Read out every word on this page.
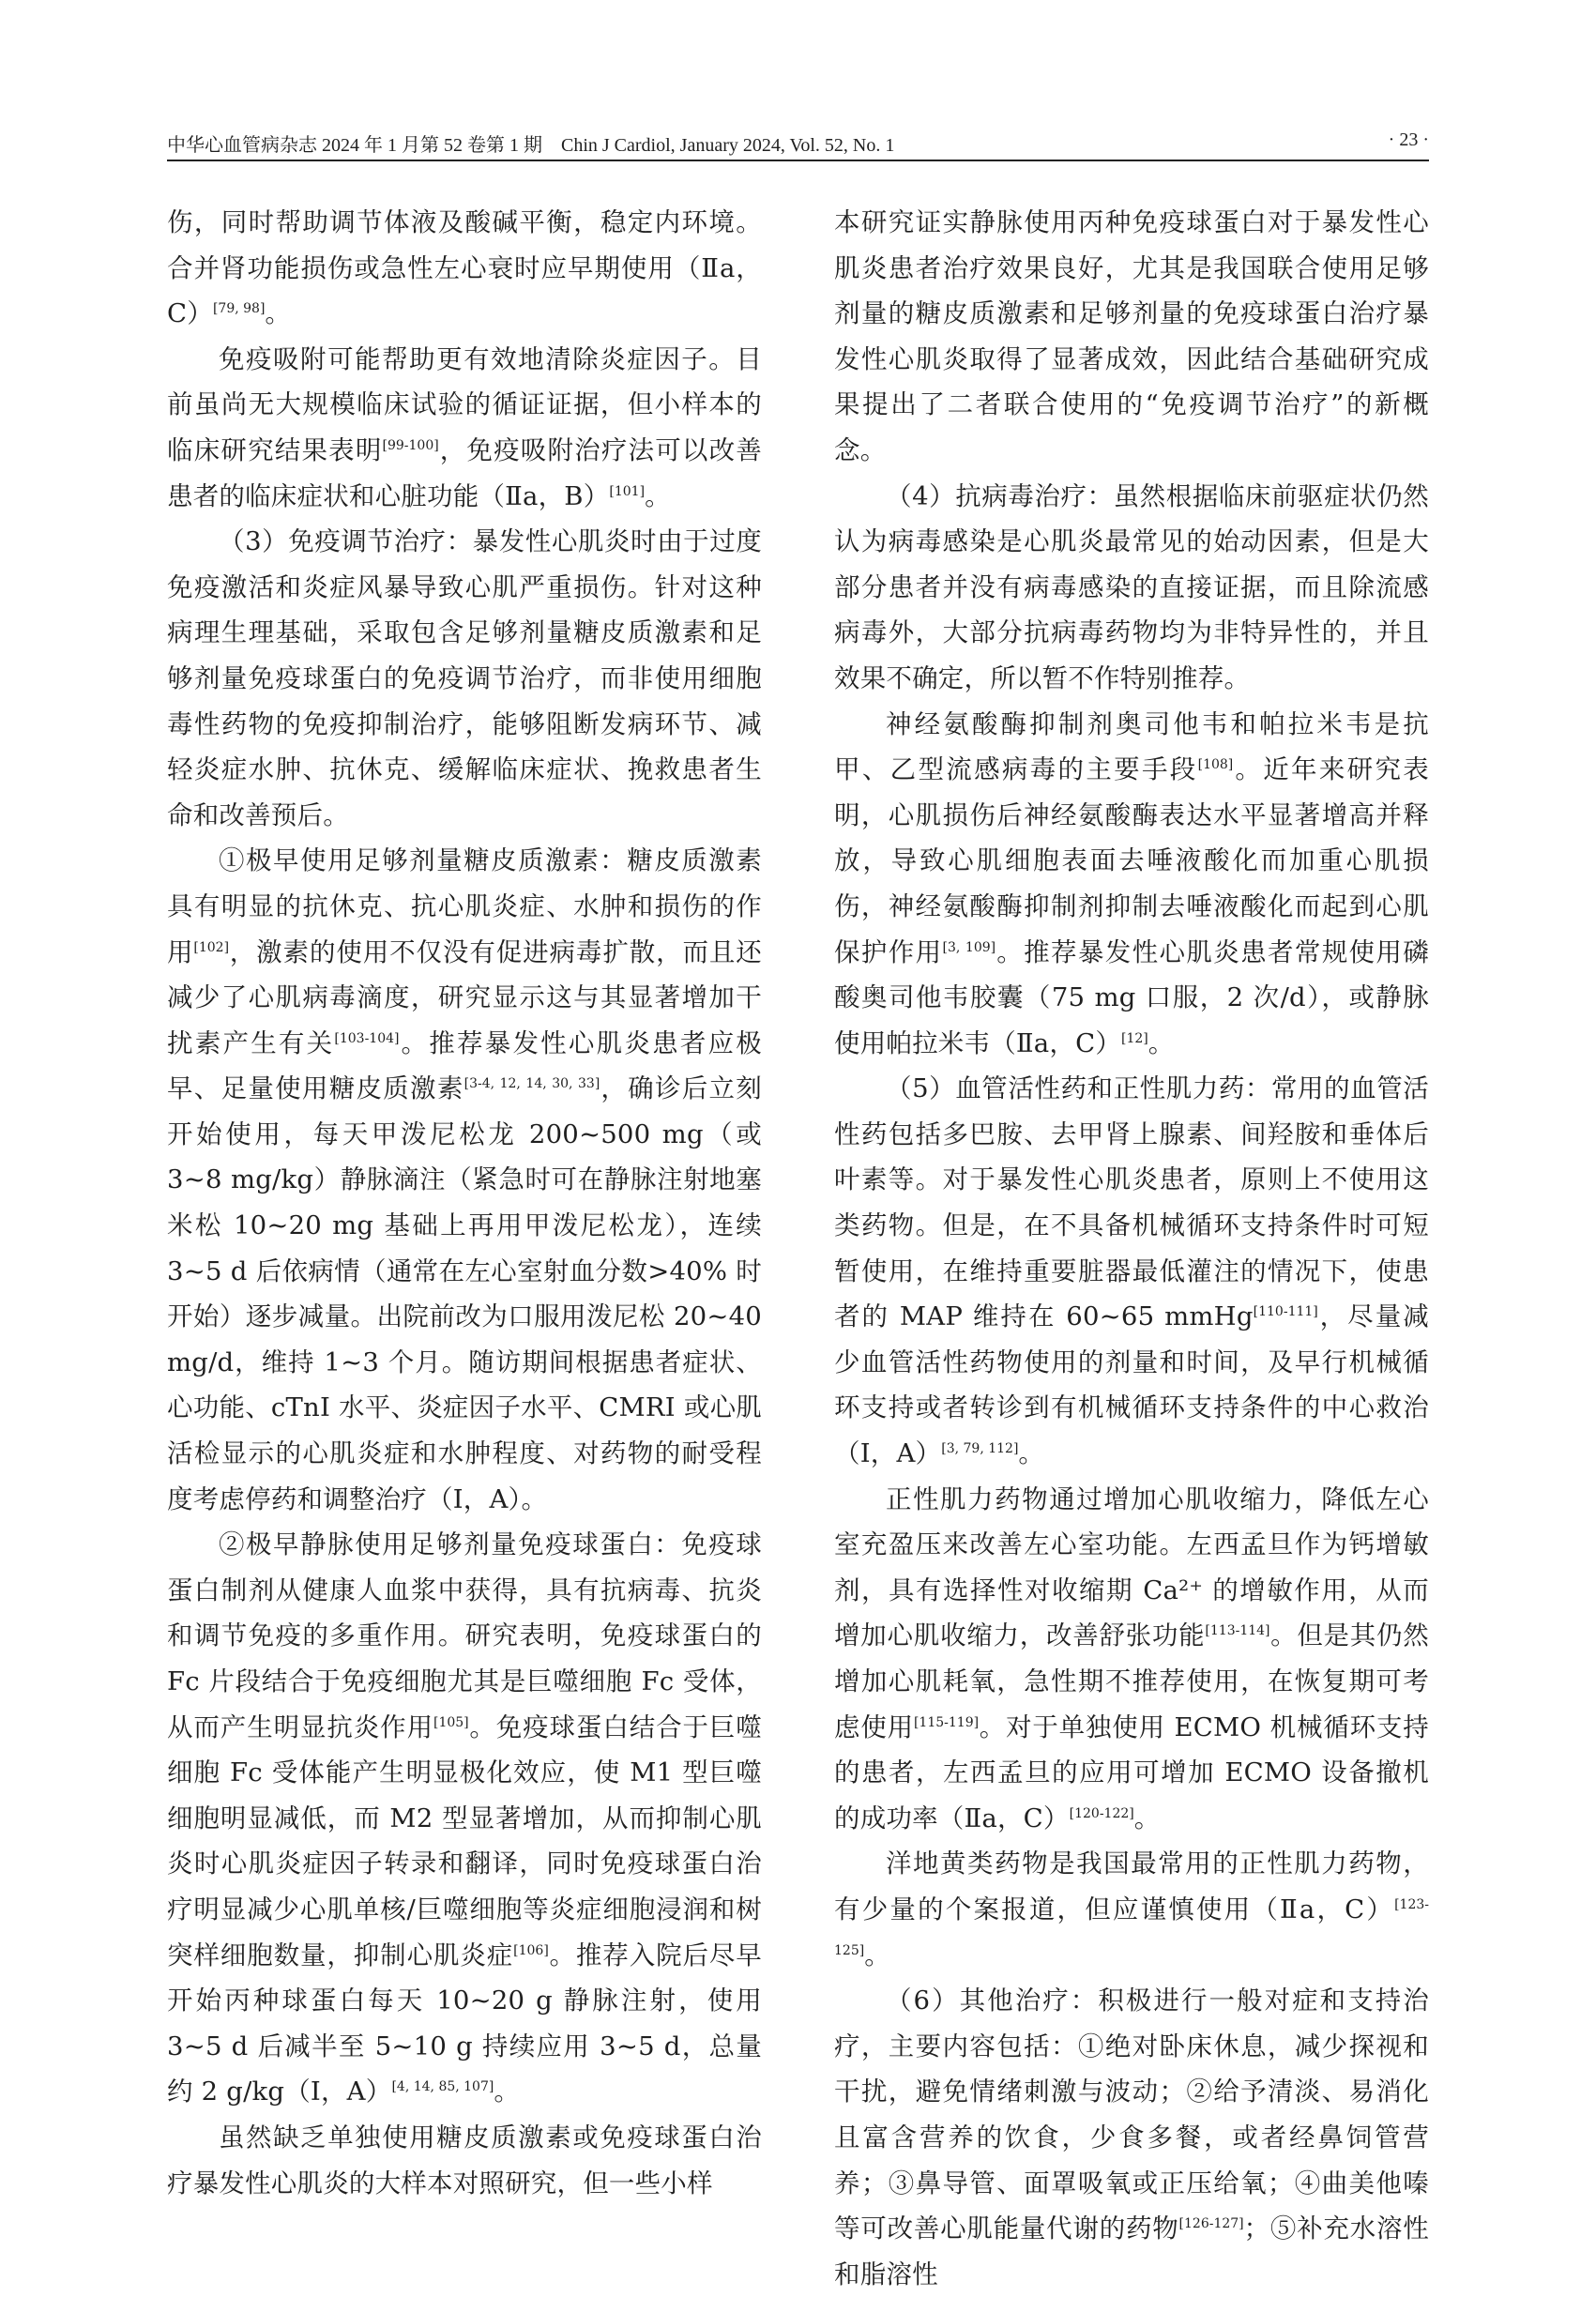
中华心血管病杂志 2024 年 1 月第 52 卷第 1 期　Chin J Cardiol, January 2024, Vol. 52, No. 1	· 23 ·

伤，同时帮助调节体液及酸碱平衡，稳定内环境。合并肾功能损伤或急性左心衰时应早期使用（Ⅱa，C）[79, 98]。

免疫吸附可能帮助更有效地清除炎症因子。目前虽尚无大规模临床试验的循证证据，但小样本的临床研究结果表明[99-100]，免疫吸附治疗法可以改善患者的临床症状和心脏功能（Ⅱa，B）[101]。

（3）免疫调节治疗：暴发性心肌炎时由于过度免疫激活和炎症风暴导致心肌严重损伤。针对这种病理生理基础，采取包含足够剂量糖皮质激素和足够剂量免疫球蛋白的免疫调节治疗，而非使用细胞毒性药物的免疫抑制治疗，能够阻断发病环节、减轻炎症水肿、抗休克、缓解临床症状、挽救患者生命和改善预后。

①极早使用足够剂量糖皮质激素：糖皮质激素具有明显的抗休克、抗心肌炎症、水肿和损伤的作用[102]，激素的使用不仅没有促进病毒扩散，而且还减少了心肌病毒滴度，研究显示这与其显著增加干扰素产生有关[103-104]。推荐暴发性心肌炎患者应极早、足量使用糖皮质激素[3-4, 12, 14, 30, 33]，确诊后立刻开始使用，每天甲泼尼松龙 200~500 mg（或 3~8 mg/kg）静脉滴注（紧急时可在静脉注射地塞米松 10~20 mg 基础上再用甲泼尼松龙），连续 3~5 d 后依病情（通常在左心室射血分数>40% 时开始）逐步减量。出院前改为口服用泼尼松 20~40 mg/d，维持 1~3 个月。随访期间根据患者症状、心功能、cTnI 水平、炎症因子水平、CMRI 或心肌活检显示的心肌炎症和水肿程度、对药物的耐受程度考虑停药和调整治疗（Ⅰ，A）。

②极早静脉使用足够剂量免疫球蛋白：免疫球蛋白制剂从健康人血浆中获得，具有抗病毒、抗炎和调节免疫的多重作用。研究表明，免疫球蛋白的 Fc 片段结合于免疫细胞尤其是巨噬细胞 Fc 受体，从而产生明显抗炎作用[105]。免疫球蛋白结合于巨噬细胞 Fc 受体能产生明显极化效应，使 M1 型巨噬细胞明显减低，而 M2 型显著增加，从而抑制心肌炎时心肌炎症因子转录和翻译，同时免疫球蛋白治疗明显减少心肌单核/巨噬细胞等炎症细胞浸润和树突样细胞数量，抑制心肌炎症[106]。推荐入院后尽早开始丙种球蛋白每天 10~20 g 静脉注射，使用 3~5 d 后减半至 5~10 g 持续应用 3~5 d，总量约 2 g/kg（Ⅰ，A）[4, 14, 85, 107]。

虽然缺乏单独使用糖皮质激素或免疫球蛋白治疗暴发性心肌炎的大样本对照研究，但一些小样

本研究证实静脉使用丙种免疫球蛋白对于暴发性心肌炎患者治疗效果良好，尤其是我国联合使用足够剂量的糖皮质激素和足够剂量的免疫球蛋白治疗暴发性心肌炎取得了显著成效，因此结合基础研究成果提出了二者联合使用的“免疫调节治疗”的新概念。

（4）抗病毒治疗：虽然根据临床前驱症状仍然认为病毒感染是心肌炎最常见的始动因素，但是大部分患者并没有病毒感染的直接证据，而且除流感病毒外，大部分抗病毒药物均为非特异性的，并且效果不确定，所以暂不作特别推荐。

神经氨酸酶抑制剂奥司他韦和帕拉米韦是抗甲、乙型流感病毒的主要手段[108]。近年来研究表明，心肌损伤后神经氨酸酶表达水平显著增高并释放，导致心肌细胞表面去唾液酸化而加重心肌损伤，神经氨酸酶抑制剂抑制去唾液酸化而起到心肌保护作用[3, 109]。推荐暴发性心肌炎患者常规使用磷酸奥司他韦胶囊（75 mg 口服，2 次/d），或静脉使用帕拉米韦（Ⅱa，C）[12]。

（5）血管活性药和正性肌力药：常用的血管活性药包括多巴胺、去甲肾上腺素、间羟胺和垂体后叶素等。对于暴发性心肌炎患者，原则上不使用这类药物。但是，在不具备机械循环支持条件时可短暂使用，在维持重要脏器最低灌注的情况下，使患者的 MAP 维持在 60~65 mmHg[110-111]，尽量减少血管活性药物使用的剂量和时间，及早行机械循环支持或者转诊到有机械循环支持条件的中心救治（Ⅰ，A）[3, 79, 112]。

正性肌力药物通过增加心肌收缩力，降低左心室充盈压来改善左心室功能。左西孟旦作为钙增敏剂，具有选择性对收缩期 Ca²⁺ 的增敏作用，从而增加心肌收缩力，改善舒张功能[113-114]。但是其仍然增加心肌耗氧，急性期不推荐使用，在恢复期可考虑使用[115-119]。对于单独使用 ECMO 机械循环支持的患者，左西孟旦的应用可增加 ECMO 设备撤机的成功率（Ⅱa，C）[120-122]。

洋地黄类药物是我国最常用的正性肌力药物，有少量的个案报道，但应谨慎使用（Ⅱa，C）[123-125]。

（6）其他治疗：积极进行一般对症和支持治疗，主要内容包括：①绝对卧床休息，减少探视和干扰，避免情绪刺激与波动；②给予清淡、易消化且富含营养的饮食，少食多餐，或者经鼻饲管营养；③鼻导管、面罩吸氧或正压给氧；④曲美他嗪等可改善心肌能量代谢的药物[126-127]；⑤补充水溶性和脂溶性
